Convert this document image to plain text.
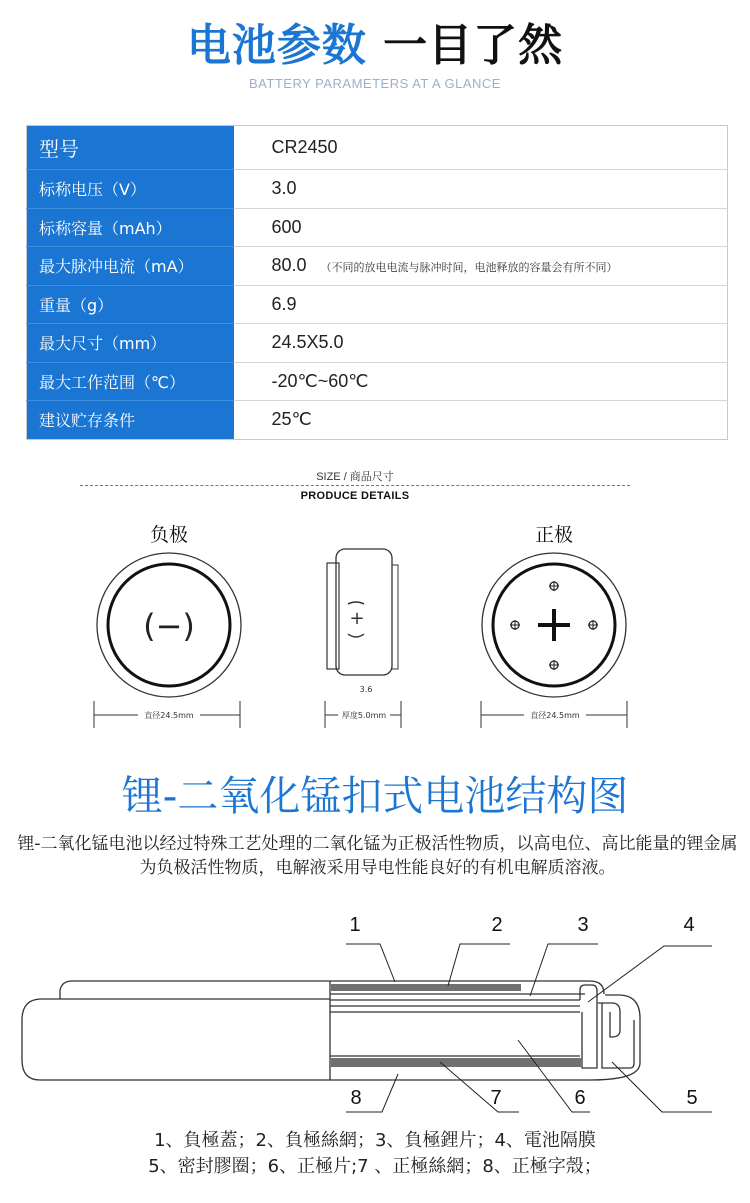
电池参数 一目了然
BATTERY PARAMETERS AT A GLANCE
型号	CR2450
标称电压（V）	3.0
标称容量（mAh）	600
最大脉冲电流（mA）	80.0 （不同的放电电流与脉冲时间，电池释放的容量会有所不同）
重量（g）	6.9
最大尺寸（mm）	24.5X5.0
最大工作范围（℃）	-20℃~60℃
建议贮存条件	25℃
SIZE / 商品尺寸
PRODUCE DETAILS
负极	正极
(−)	+
3.6
直径24.5mm	厚度5.0mm	直径24.5mm
锂-二氧化锰扣式电池结构图
锂-二氧化锰电池以经过特殊工艺处理的二氧化锰为正极活性物质，以高电位、高比能量的锂金属为负极活性物质，电解液采用导电性能良好的有机电解质溶液。
1	2	3	4
5
6
7
8
1、負極蓋；2、負極絲網；3、負極鋰片；4、電池隔膜
5、密封膠圈；6、正極片;7 、正極絲網；8、正極字殼；
